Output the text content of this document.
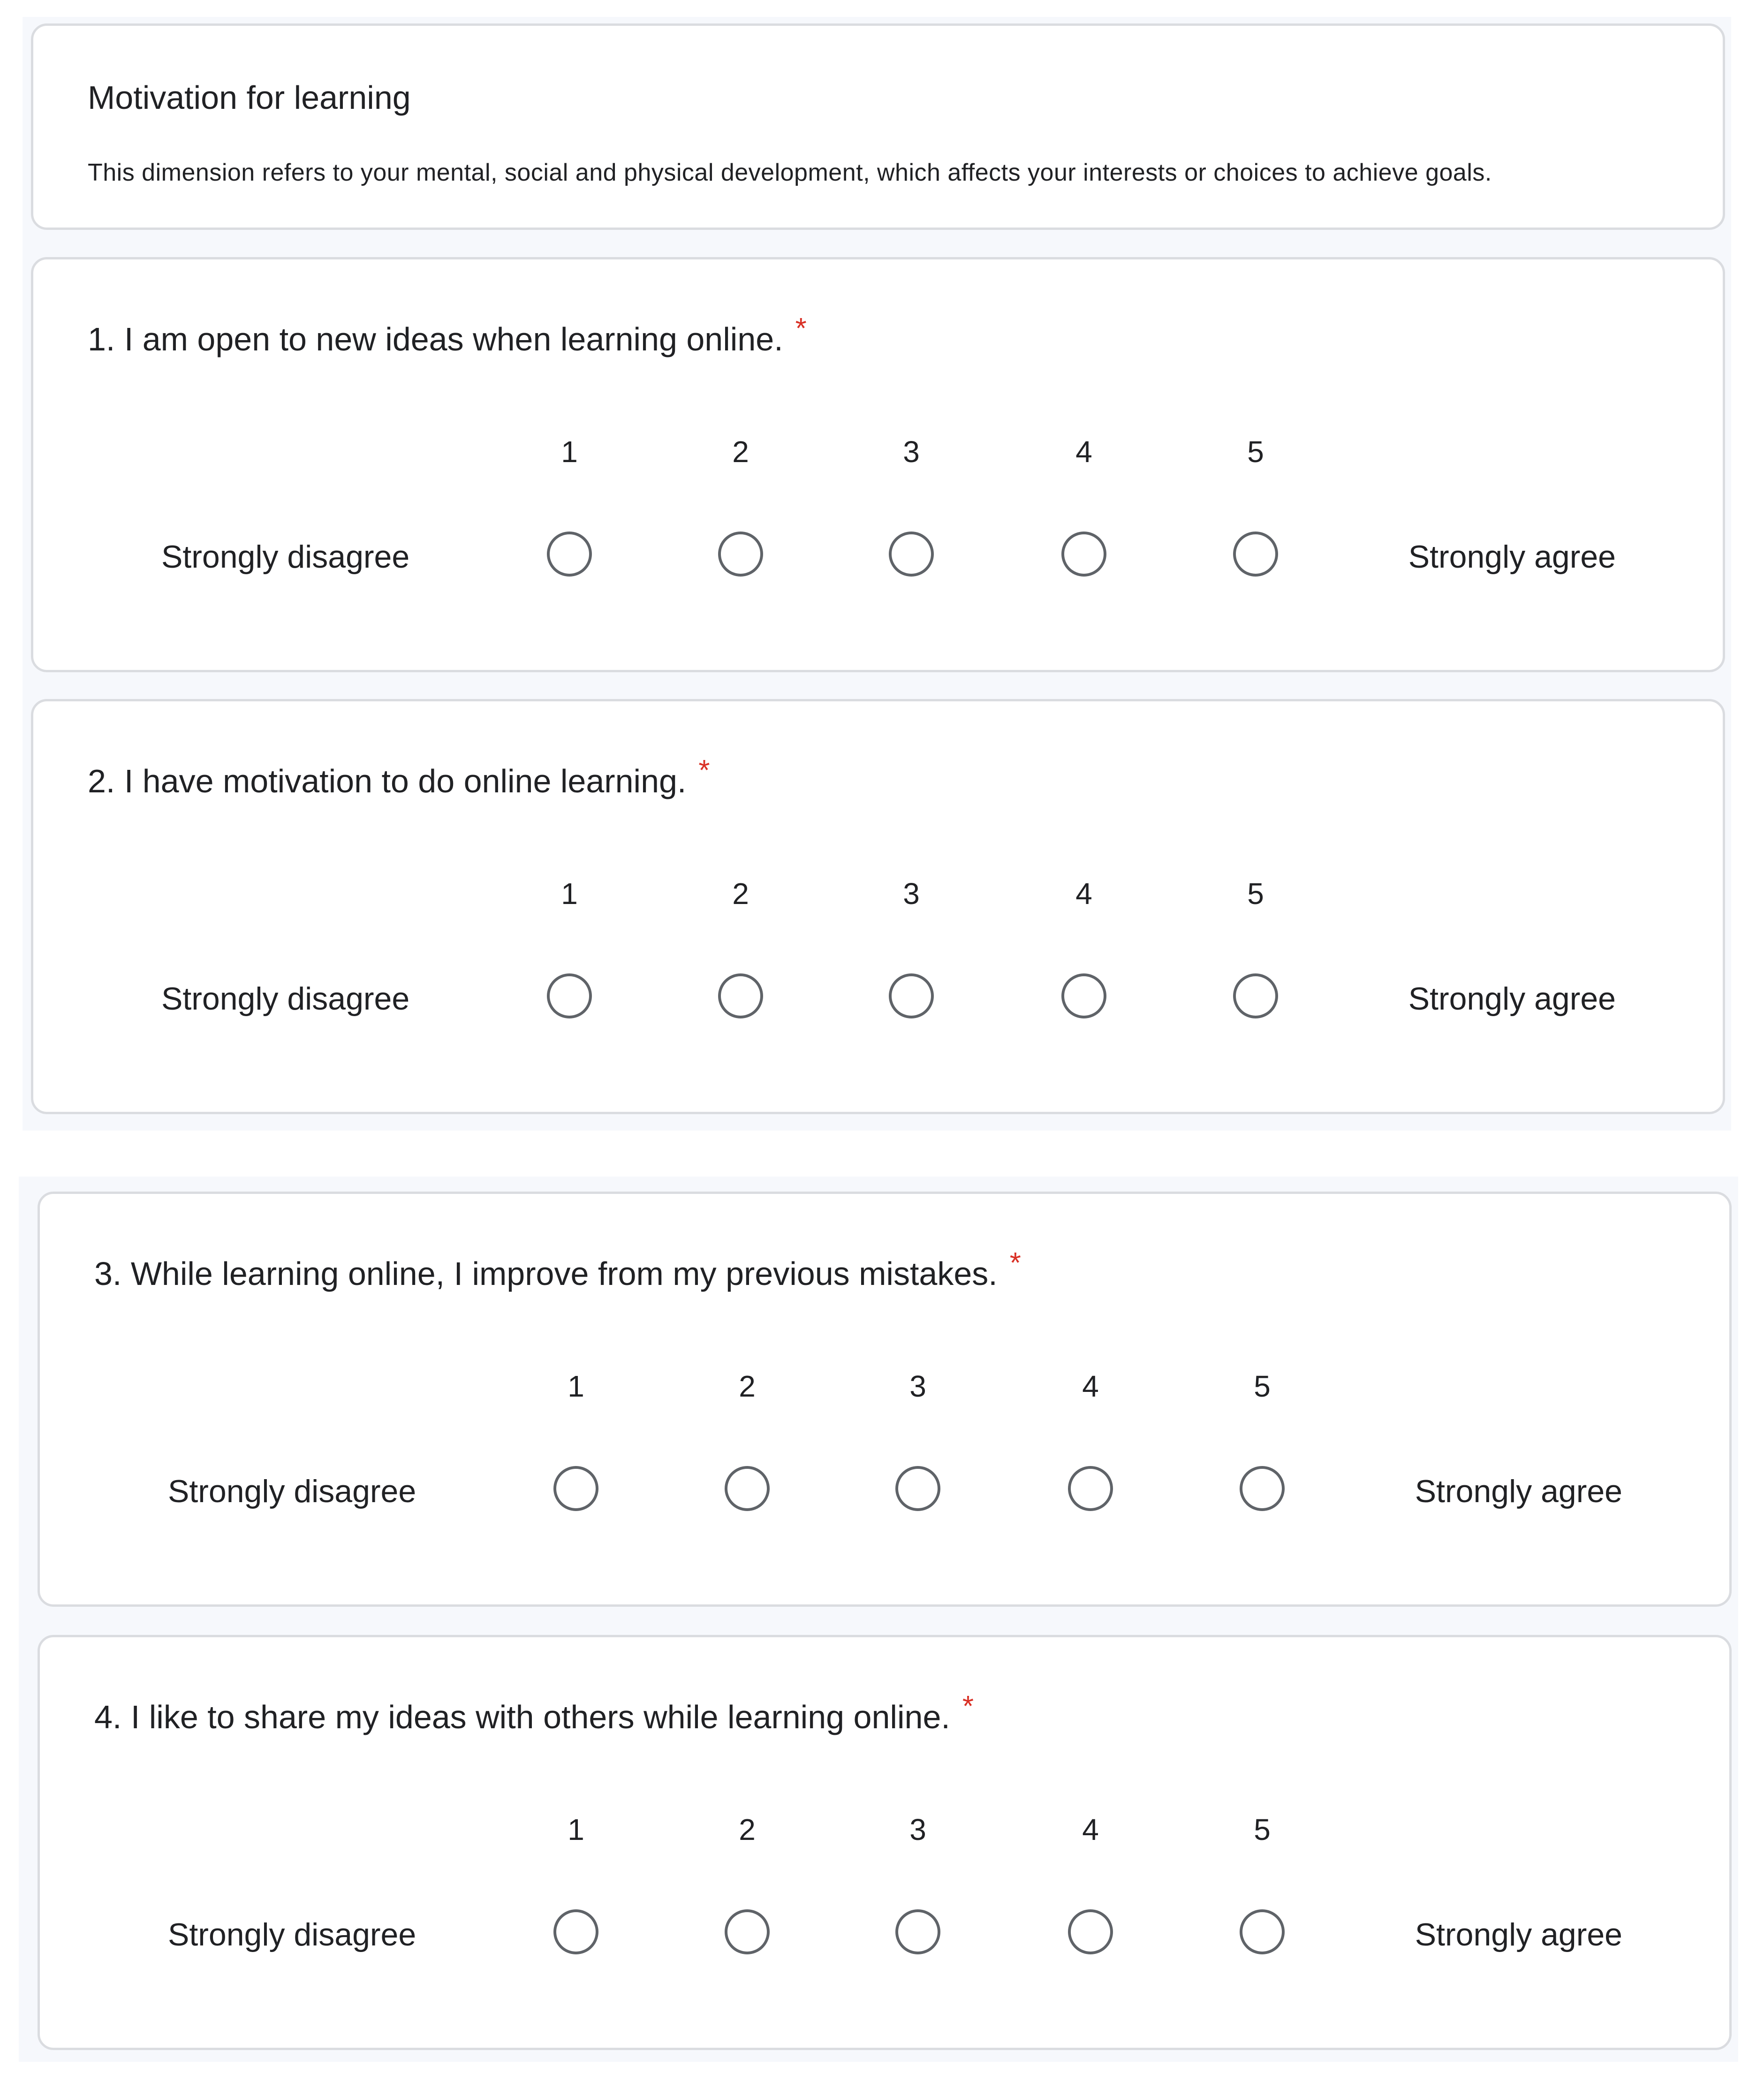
Motivation for learning
This dimension refers to your mental, social and physical development, which affects your interests or choices to achieve goals.
1. I am open to new ideas when learning online. *
1	2	3	4	5
Strongly disagree	Strongly agree
2. I have motivation to do online learning. *
1	2	3	4	5
Strongly disagree	Strongly agree
3. While learning online, I improve from my previous mistakes. *
1	2	3	4	5
Strongly disagree	Strongly agree
4. I like to share my ideas with others while learning online. *
1	2	3	4	5
Strongly disagree	Strongly agree
